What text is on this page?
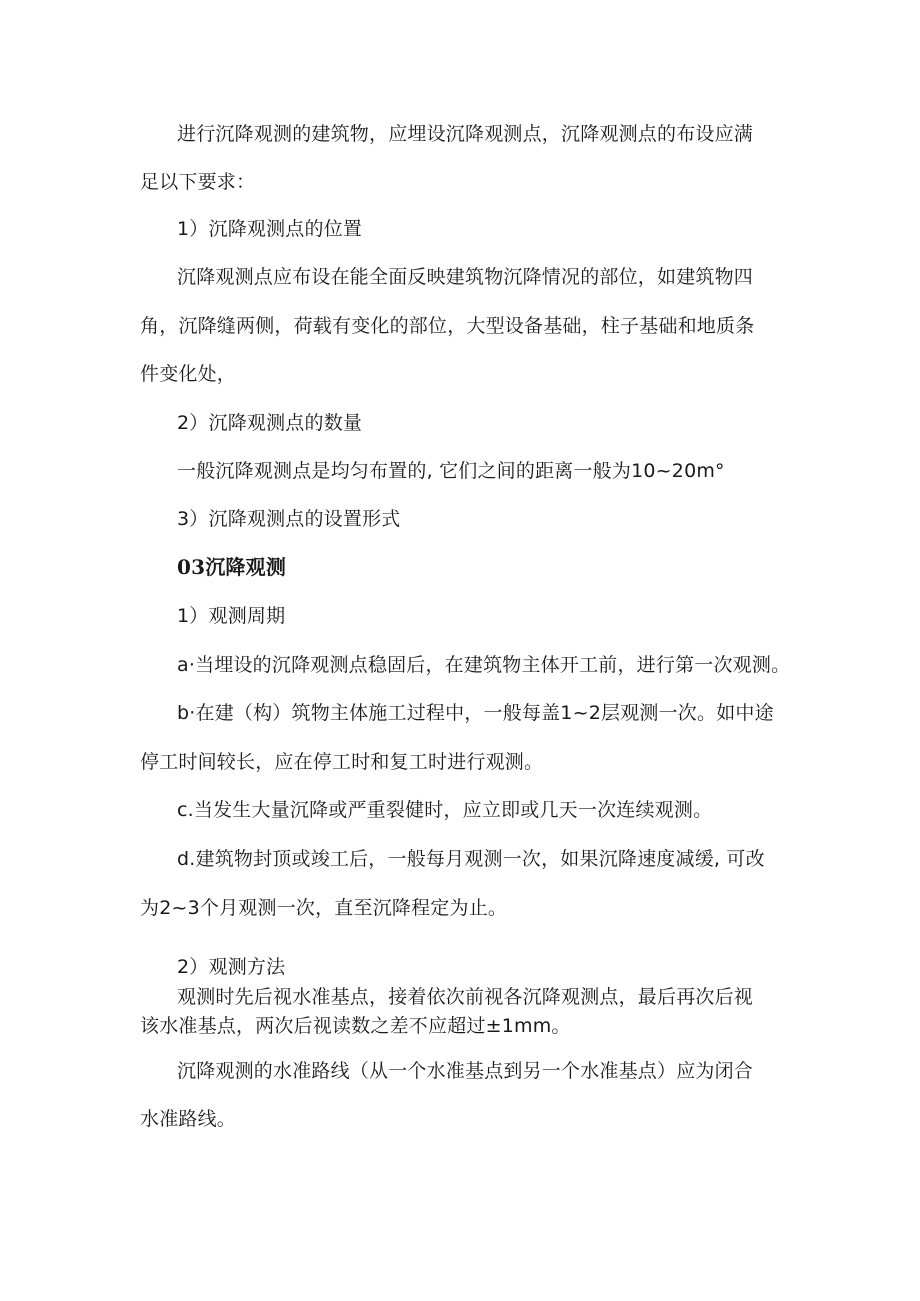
进行沉降观测的建筑物，应埋设沉降观测点，沉降观测点的布设应满
足以下要求：
1）沉降观测点的位置
沉降观测点应布设在能全面反映建筑物沉降情况的部位，如建筑物四
角，沉降缝两侧，荷载有变化的部位，大型设备基础，柱子基础和地质条
件变化处，
2）沉降观测点的数量
一般沉降观测点是均匀布置的, 它们之间的距离一般为10~20m°
3）沉降观测点的设置形式
03沉降观测
1）观测周期
a·当埋设的沉降观测点稳固后，在建筑物主体开工前，进行第一次观测。
b·在建（构）筑物主体施工过程中，一般每盖1~2层观测一次。如中途
停工时间较长，应在停工时和复工时进行观测。
c.当发生大量沉降或严重裂健时，应立即或几天一次连续观测。
d.建筑物封顶或竣工后，一般每月观测一次，如果沉降速度减缓, 可改
为2~3个月观测一次，直至沉降程定为止。
2）观测方法
观测时先后视水准基点，接着依次前视各沉降观测点，最后再次后视
该水准基点，两次后视读数之差不应超过±1mm。
沉降观测的水准路线（从一个水准基点到另一个水准基点）应为闭合
水准路线。
